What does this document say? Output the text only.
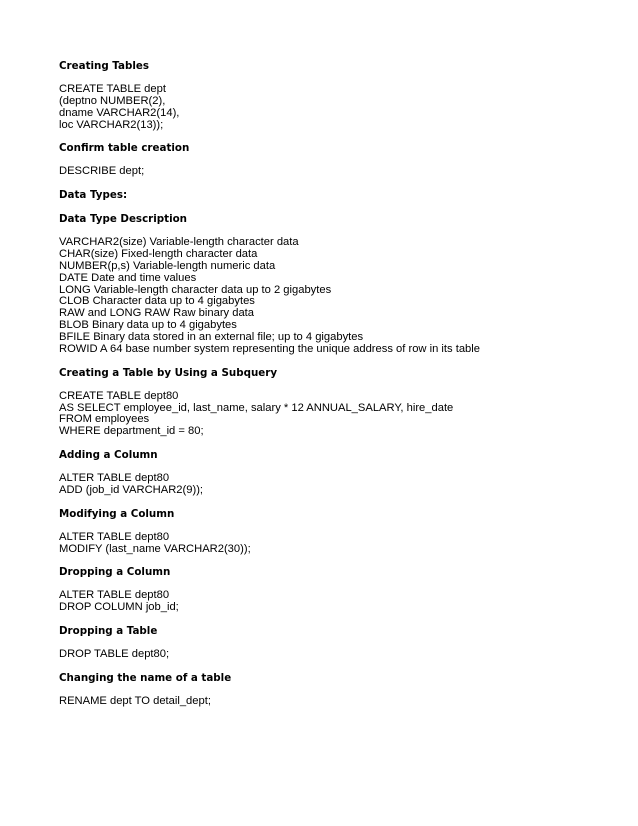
Creating Tables
CREATE TABLE dept
(deptno NUMBER(2),
dname VARCHAR2(14),
loc VARCHAR2(13));
Confirm table creation
DESCRIBE dept;
Data Types:
Data Type Description
VARCHAR2(size) Variable-length character data
CHAR(size) Fixed-length character data
NUMBER(p,s) Variable-length numeric data
DATE Date and time values
LONG Variable-length character data up to 2 gigabytes
CLOB Character data up to 4 gigabytes
RAW and LONG RAW Raw binary data
BLOB Binary data up to 4 gigabytes
BFILE Binary data stored in an external file; up to 4 gigabytes
ROWID A 64 base number system representing the unique address of row in its table
Creating a Table by Using a Subquery
CREATE TABLE dept80
AS SELECT employee_id, last_name, salary * 12 ANNUAL_SALARY, hire_date
FROM employees
WHERE department_id = 80;
Adding a Column
ALTER TABLE dept80
ADD (job_id VARCHAR2(9));
Modifying a Column
ALTER TABLE dept80
MODIFY (last_name VARCHAR2(30));
Dropping a Column
ALTER TABLE dept80
DROP COLUMN job_id;
Dropping a Table
DROP TABLE dept80;
Changing the name of a table
RENAME dept TO detail_dept;
